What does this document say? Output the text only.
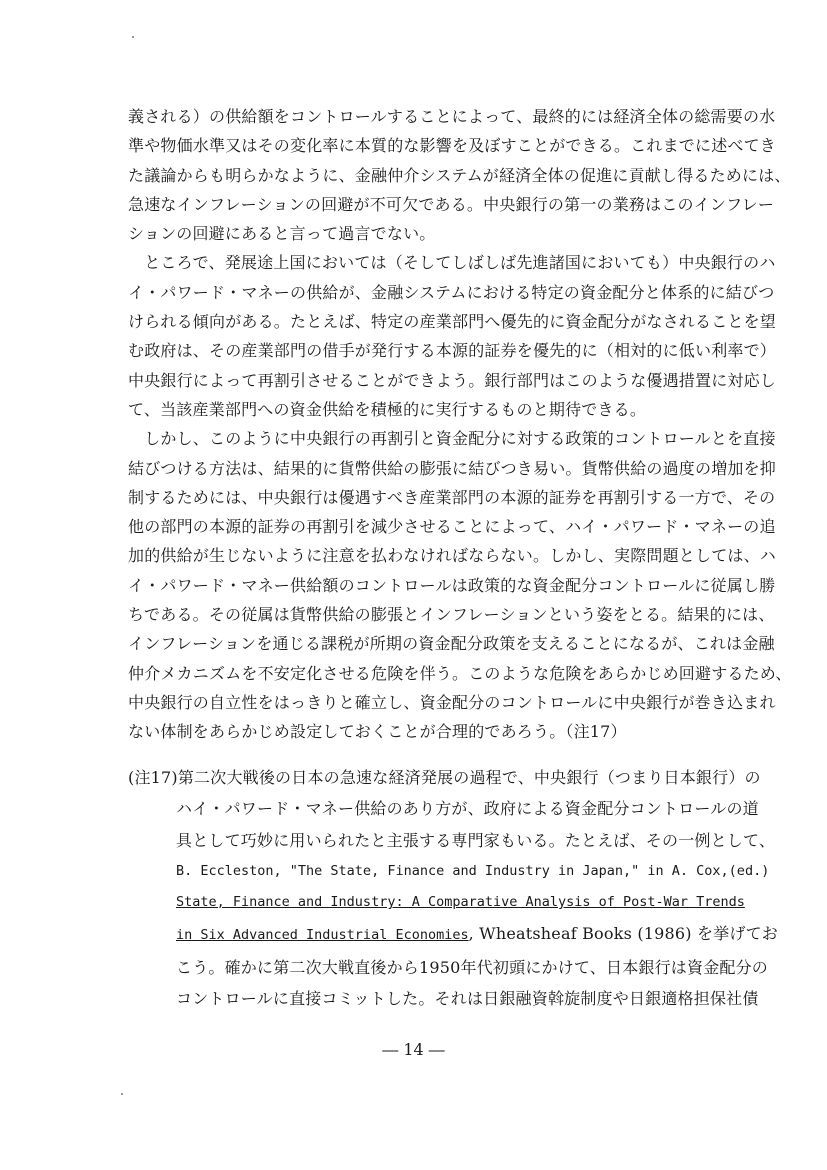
義される）の供給額をコントロールすることによって、最終的には経済全体の総需要の水
準や物価水準又はその変化率に本質的な影響を及ぼすことができる。これまでに述べてき
た議論からも明らかなように、金融仲介システムが経済全体の促進に貢献し得るためには、
急速なインフレーションの回避が不可欠である。中央銀行の第一の業務はこのインフレー
ションの回避にあると言って過言でない。
　ところで、発展途上国においては（そしてしばしば先進諸国においても）中央銀行のハ
イ・パワード・マネーの供給が、金融システムにおける特定の資金配分と体系的に結びつ
けられる傾向がある。たとえば、特定の産業部門へ優先的に資金配分がなされることを望
む政府は、その産業部門の借手が発行する本源的証券を優先的に（相対的に低い利率で）
中央銀行によって再割引させることができよう。銀行部門はこのような優遇措置に対応し
て、当該産業部門への資金供給を積極的に実行するものと期待できる。
　しかし、このように中央銀行の再割引と資金配分に対する政策的コントロールとを直接
結びつける方法は、結果的に貨幣供給の膨張に結びつき易い。貨幣供給の過度の増加を抑
制するためには、中央銀行は優遇すべき産業部門の本源的証券を再割引する一方で、その
他の部門の本源的証券の再割引を減少させることによって、ハイ・パワード・マネーの追
加的供給が生じないように注意を払わなければならない。しかし、実際問題としては、ハ
イ・パワード・マネー供給額のコントロールは政策的な資金配分コントロールに従属し勝
ちである。その従属は貨幣供給の膨張とインフレーションという姿をとる。結果的には、
インフレーションを通じる課税が所期の資金配分政策を支えることになるが、これは金融
仲介メカニズムを不安定化させる危険を伴う。このような危険をあらかじめ回避するため、
中央銀行の自立性をはっきりと確立し、資金配分のコントロールに中央銀行が巻き込まれ
ない体制をあらかじめ設定しておくことが合理的であろう。（注17）
(注17)第二次大戦後の日本の急速な経済発展の過程で、中央銀行（つまり日本銀行）の
ハイ・パワード・マネー供給のあり方が、政府による資金配分コントロールの道
具として巧妙に用いられたと主張する専門家もいる。たとえば、その一例として、
B. Eccleston, "The State, Finance and Industry in Japan," in A. Cox,(ed.)
State, Finance and Industry: A Comparative Analysis of Post-War Trends
in Six Advanced Industrial Economies, Wheatsheaf Books (1986) を挙げてお
こう。確かに第二次大戦直後から1950年代初頭にかけて、日本銀行は資金配分の
コントロールに直接コミットした。それは日銀融資斡旋制度や日銀適格担保社債
― 14 ―
